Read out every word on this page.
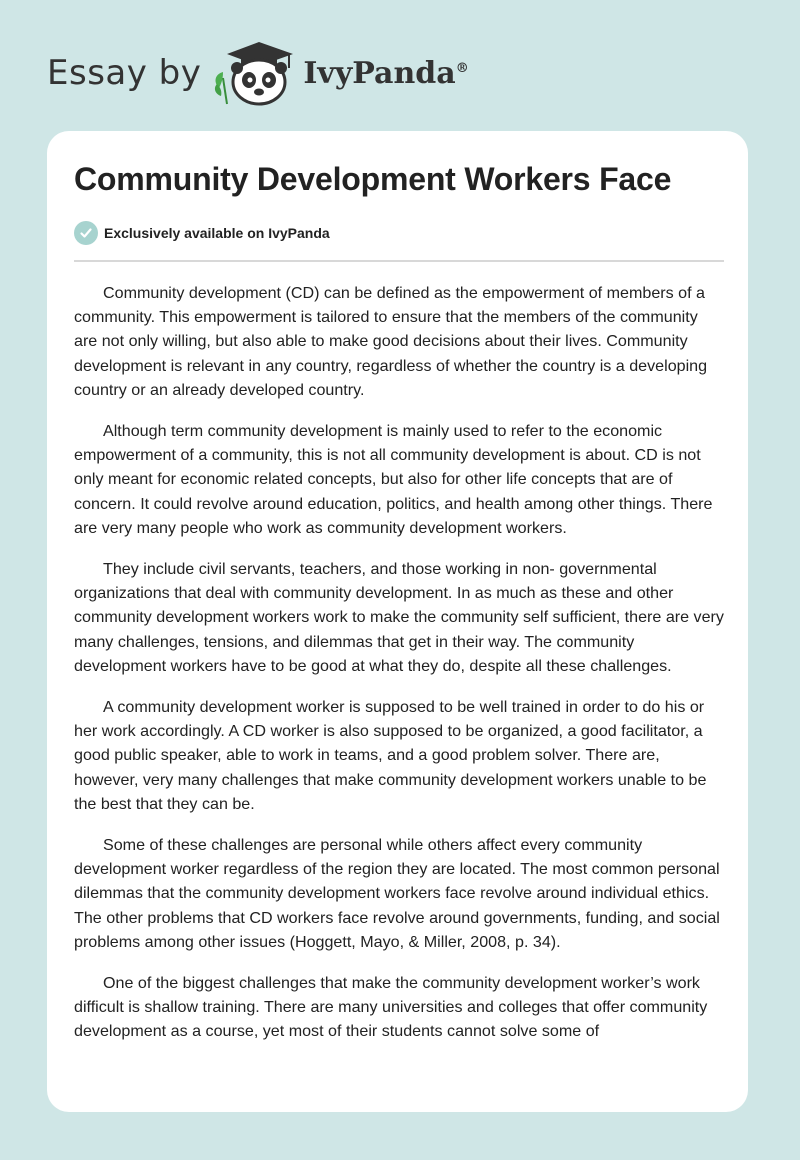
Essay by	IvyPanda®
Community Development Workers Face
Exclusively available on IvyPanda

Community development (CD) can be defined as the empowerment of members of a community. This empowerment is tailored to ensure that the members of the community are not only willing, but also able to make good decisions about their lives. Community development is relevant in any country, regardless of whether the country is a developing country or an already developed country.

Although term community development is mainly used to refer to the economic empowerment of a community, this is not all community development is about. CD is not only meant for economic related concepts, but also for other life concepts that are of concern. It could revolve around education, politics, and health among other things. There are very many people who work as community development workers.

They include civil servants, teachers, and those working in non- governmental organizations that deal with community development. In as much as these and other community development workers work to make the community self sufficient, there are very many challenges, tensions, and dilemmas that get in their way. The community development workers have to be good at what they do, despite all these challenges.

A community development worker is supposed to be well trained in order to do his or her work accordingly. A CD worker is also supposed to be organized, a good facilitator, a good public speaker, able to work in teams, and a good problem solver. There are, however, very many challenges that make community development workers unable to be the best that they can be.

Some of these challenges are personal while others affect every community development worker regardless of the region they are located. The most common personal dilemmas that the community development workers face revolve around individual ethics. The other problems that CD workers face revolve around governments, funding, and social problems among other issues (Hoggett, Mayo, & Miller, 2008, p. 34).

One of the biggest challenges that make the community development worker’s work difficult is shallow training. There are many universities and colleges that offer community development as a course, yet most of their students cannot solve some of
